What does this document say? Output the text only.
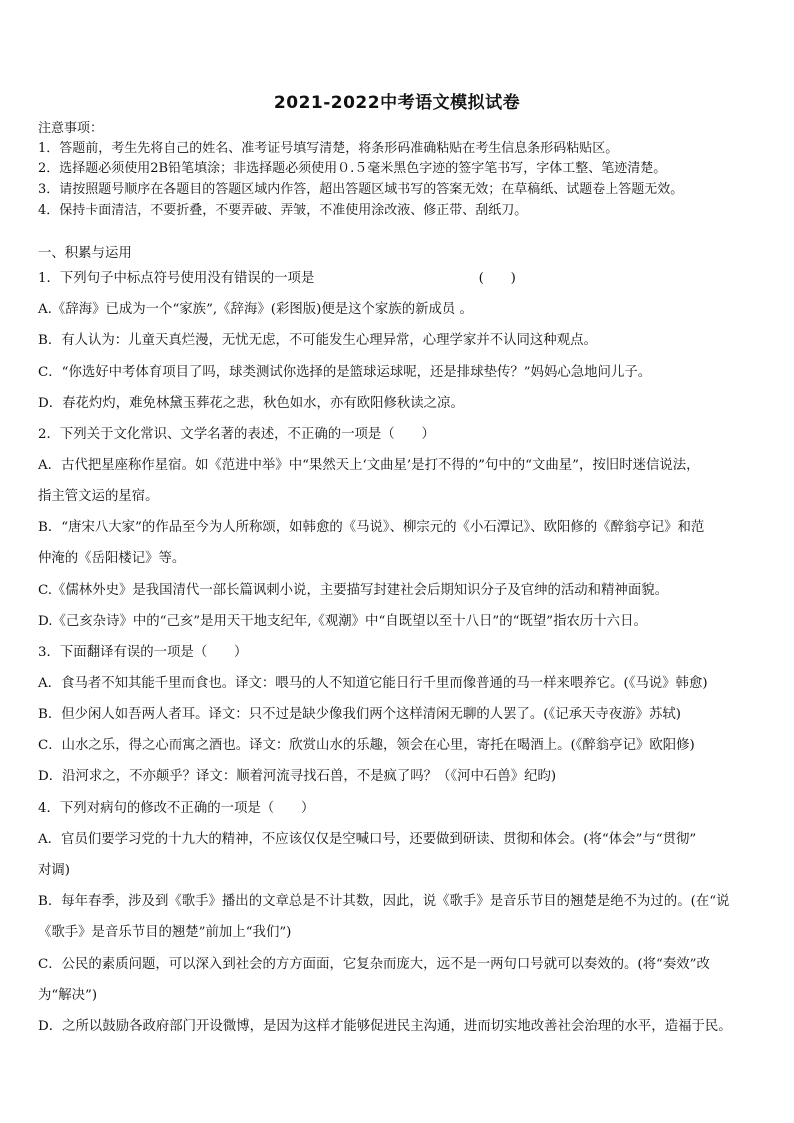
2021-2022中考语文模拟试卷
注意事项：
1．答题前，考生先将自己的姓名、准考证号填写清楚，将条形码准确粘贴在考生信息条形码粘贴区。
2．选择题必须使用2B铅笔填涂；非选择题必须使用０.５毫米黑色字迹的签字笔书写，字体工整、笔迹清楚。
3．请按照题号顺序在各题目的答题区域内作答，超出答题区域书写的答案无效；在草稿纸、试题卷上答题无效。
4．保持卡面清洁，不要折叠，不要弄破、弄皱，不准使用涂改液、修正带、刮纸刀。
一、积累与运用
1．下列句子中标点符号使用没有错误的一项是	(　　)
A.《辞海》已成为一个“家族”,《辞海》(彩图版)便是这个家族的新成员 。
B．有人认为：儿童天真烂漫，无忧无虑，不可能发生心理异常，心理学家并不认同这种观点。
C．“你选好中考体育项目了吗，球类测试你选择的是篮球运球呢，还是排球垫传？”妈妈心急地问儿子。
D．春花灼灼，难免林黛玉葬花之悲，秋色如水，亦有欧阳修秋读之凉。
2．下列关于文化常识、文学名著的表述，不正确的一项是（　　）
A．古代把星座称作星宿。如《范进中举》中“果然天上‘文曲星’是打不得的”句中的“文曲星”，按旧时迷信说法，
指主管文运的星宿。
B．“唐宋八大家”的作品至今为人所称颂，如韩愈的《马说》、柳宗元的《小石潭记》、欧阳修的《醉翁亭记》和范
仲淹的《岳阳楼记》等。
C.《儒林外史》是我国清代一部长篇讽刺小说，主要描写封建社会后期知识分子及官绅的活动和精神面貌。
D.《己亥杂诗》中的“己亥”是用天干地支纪年,《观潮》中“自既望以至十八日”的“既望”指农历十六日。
3．下面翻译有误的一项是（　　）
A．食马者不知其能千里而食也。译文：喂马的人不知道它能日行千里而像普通的马一样来喂养它。(《马说》韩愈)
B．但少闲人如吾两人者耳。译文：只不过是缺少像我们两个这样清闲无聊的人罢了。(《记承天寺夜游》苏轼)
C．山水之乐，得之心而寓之酒也。译文：欣赏山水的乐趣，领会在心里，寄托在喝酒上。(《醉翁亭记》欧阳修)
D．沿河求之，不亦颠乎？译文：顺着河流寻找石兽，不是疯了吗？（《河中石兽》纪昀)
4．下列对病句的修改不正确的一项是（　　）
A．官员们要学习党的十九大的精神，不应该仅仅是空喊口号，还要做到研读、贯彻和体会。(将“体会”与“贯彻”
对调)
B．每年春季，涉及到《歌手》播出的文章总是不计其数，因此，说《歌手》是音乐节目的翘楚是绝不为过的。(在“说
《歌手》是音乐节目的翘楚”前加上“我们”)
C．公民的素质问题，可以深入到社会的方方面面，它复杂而庞大，远不是一两句口号就可以奏效的。(将“奏效”改
为“解决”)
D．之所以鼓励各政府部门开设微博，是因为这样才能够促进民主沟通，进而切实地改善社会治理的水平，造福于民。
